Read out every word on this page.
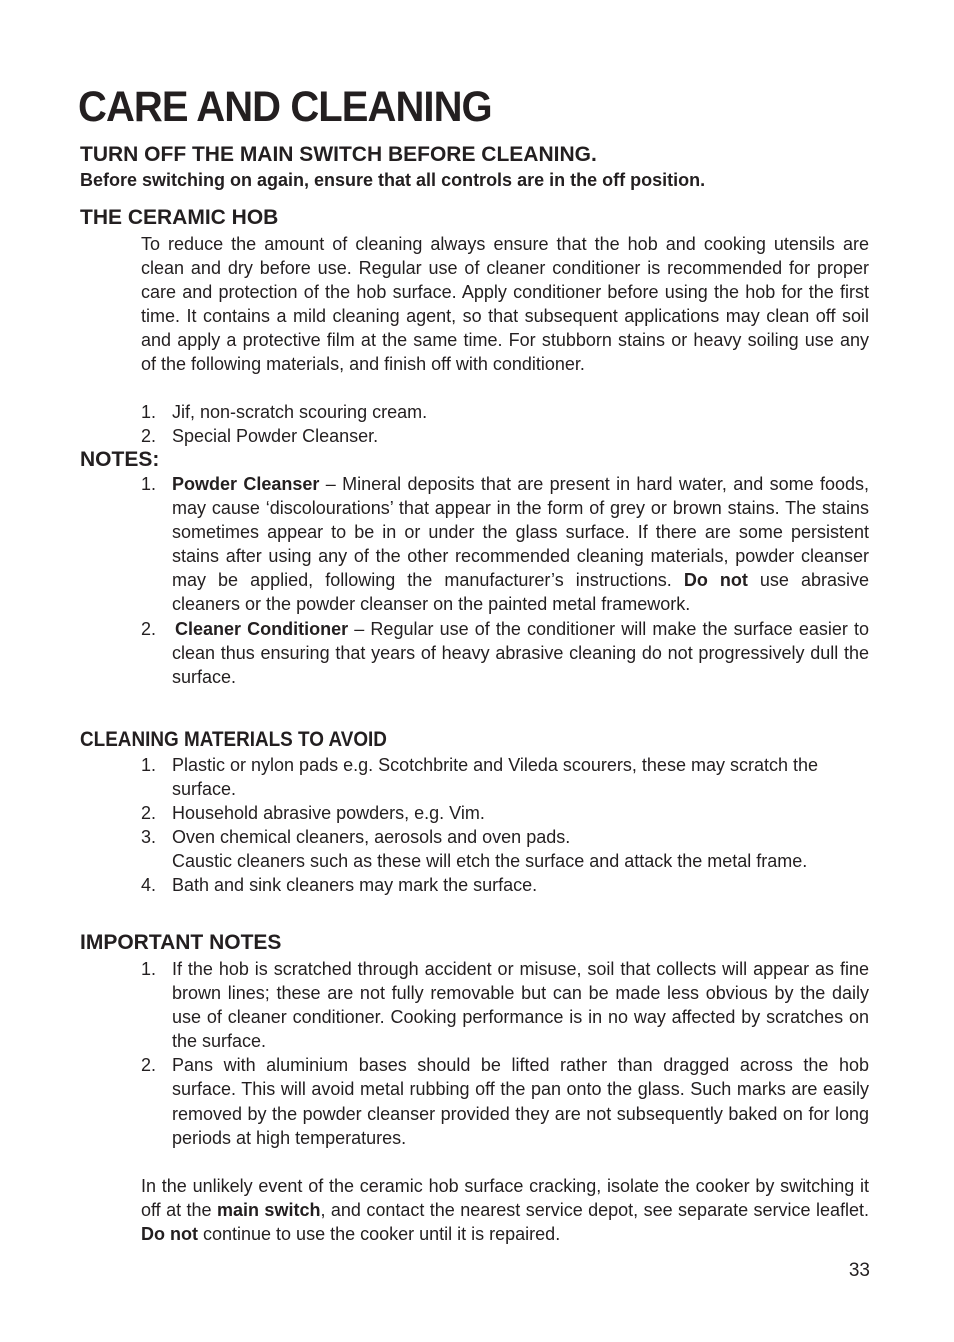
CARE AND CLEANING
TURN OFF THE MAIN SWITCH BEFORE CLEANING.

Before switching on again, ensure that all controls are in the off position.

THE CERAMIC HOB

To reduce the amount of cleaning always ensure that the hob and cooking utensils are clean and dry before use. Regular use of cleaner conditioner is recommended for proper care and protection of the hob surface. Apply conditioner before using the hob for the first time. It contains a mild cleaning agent, so that subsequent applications may clean off soil and apply a protective film at the same time. For stubborn stains or heavy soiling use any of the following materials, and finish off with conditioner.

1. Jif, non-scratch scouring cream.
2. Special Powder Cleanser.
NOTES:
1. Powder Cleanser – Mineral deposits that are present in hard water, and some foods, may cause ‘discolourations’ that appear in the form of grey or brown stains. The stains sometimes appear to be in or under the glass surface. If there are some persistent stains after using any of the other recommended cleaning materials, powder cleanser may be applied, following the manufacturer’s instructions. Do not use abrasive cleaners or the powder cleanser on the painted metal framework.
2. Cleaner Conditioner – Regular use of the conditioner will make the surface easier to clean thus ensuring that years of heavy abrasive cleaning do not progressively dull the surface.
CLEANING MATERIALS TO AVOID
1. Plastic or nylon pads e.g. Scotchbrite and Vileda scourers, these may scratch the surface.
2. Household abrasive powders, e.g. Vim.
3. Oven chemical cleaners, aerosols and oven pads.
Caustic cleaners such as these will etch the surface and attack the metal frame.
4. Bath and sink cleaners may mark the surface.
IMPORTANT NOTES
1. If the hob is scratched through accident or misuse, soil that collects will appear as fine brown lines; these are not fully removable but can be made less obvious by the daily use of cleaner conditioner. Cooking performance is in no way affected by scratches on the surface.
2. Pans with aluminium bases should be lifted rather than dragged across the hob surface. This will avoid metal rubbing off the pan onto the glass. Such marks are easily removed by the powder cleanser provided they are not subsequently baked on for long periods at high temperatures.

In the unlikely event of the ceramic hob surface cracking, isolate the cooker by switching it off at the main switch, and contact the nearest service depot, see separate service leaflet. Do not continue to use the cooker until it is repaired.

33
